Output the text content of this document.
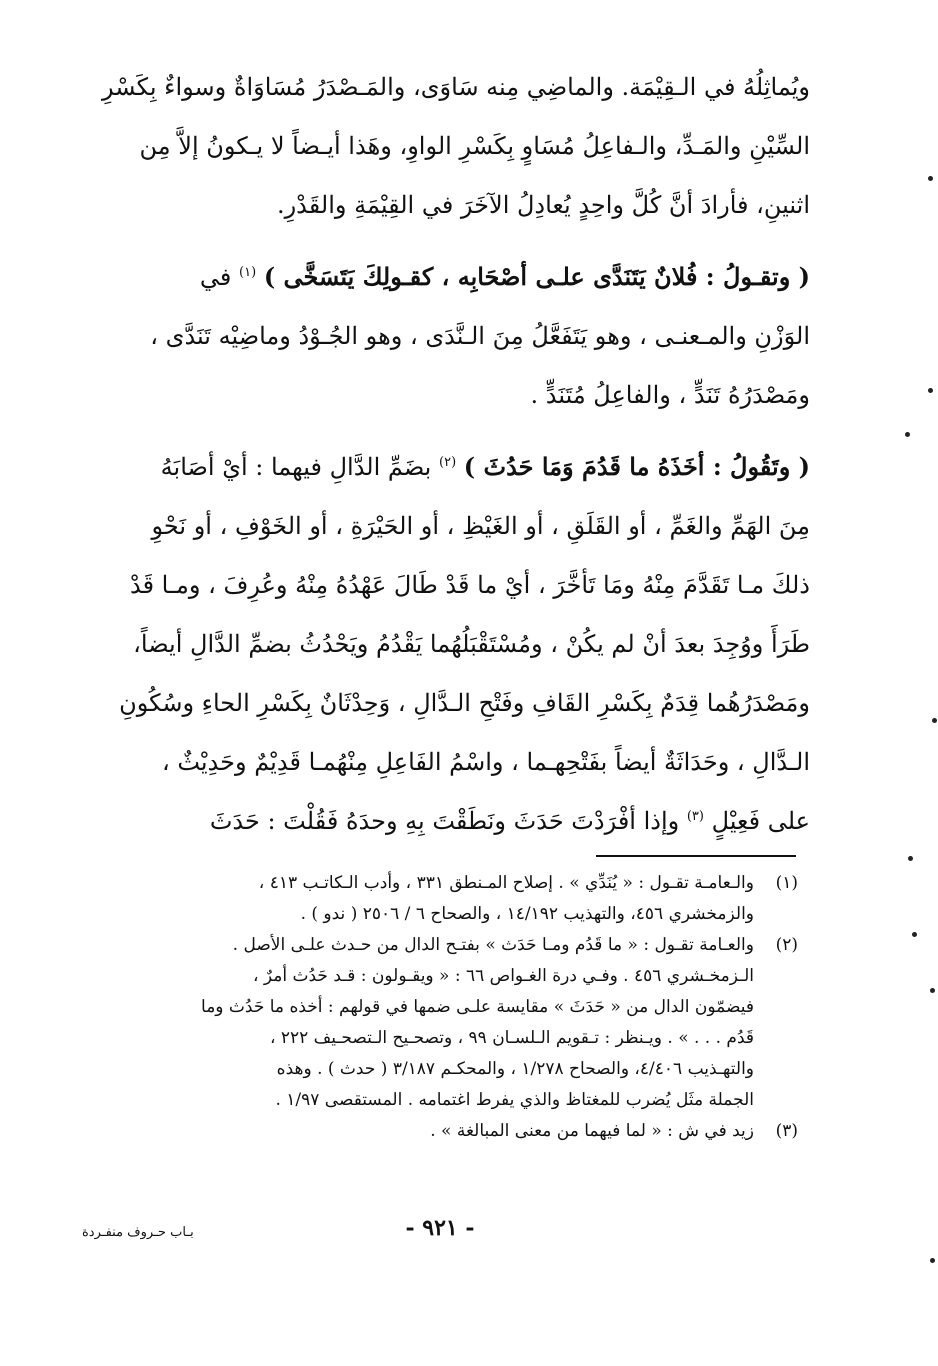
ويُماثِلُهُ في الـقِيْمَة. والماضِي مِنه سَاوَى، والمَـصْدَرُ مُسَاوَاةٌ وسواءٌ بِكَسْرِ

السِّيْنِ والمَـدِّ، والـفاعِلُ مُسَاوٍ بِكَسْرِ الواوِ، وهَذا أيـضاً لا يـكونُ إلاَّ مِن

اثنينِ، فأرادَ أنَّ كُلَّ واحِدٍ يُعادِلُ الآخَرَ في القِيْمَةِ والقَدْرِ.

( وتقـولُ : فُلانٌ يَتَنَدَّى علـى أصْحَابِه ، كقـولِكَ يَتَسَخَّى ) $^{(١)}$ في

الوَزْنِ والمـعنـى ، وهو يَتَفَعَّلُ مِنَ الـنَّدَى ، وهو الجُـوْدُ وماضِيْه تَنَدَّى ،

ومَصْدَرُهُ تَنَدٍّ ، والفاعِلُ مُتَنَدٍّ .

( وتَقُولُ : أخَذَهُ ما قَدُمَ وَمَا حَدُثَ ) $^{(٢)}$ بضَمِّ الدَّالِ فيهما : أيْ أصَابَهُ

مِنَ الهَمِّ والغَمِّ ، أو القَلَقِ ، أو الغَيْظِ ، أو الحَيْرَةِ ، أو الخَوْفِ ، أو نَحْوِ

ذلكَ مـا تَقَدَّمَ مِنْهُ ومَا تَأخَّرَ ، أيْ ما قَدْ طَالَ عَهْدُهُ مِنْهُ وعُرِفَ ، ومـا قَدْ

طَرَأَ ووُجِدَ بعدَ أنْ لم يكُنْ ، ومُسْتَقْبَلُهُما يَقْدُمُ ويَحْدُثُ بضمِّ الدَّالِ أيضاً،

ومَصْدَرُهُما قِدَمٌ بِكَسْرِ القَافِ وفَتْحِ الـدَّالِ ، وَحِدْثَانٌ بِكَسْرِ الحاءِ وسُكُونِ

الـدَّالِ ، وحَدَاثَةٌ أيضاً بفَتْحِهـما ، واسْمُ الفَاعِلِ مِنْهُمـا قَدِيْمٌ وحَدِيْثٌ ،

على فَعِيْلٍ $^{(٣)}$ وإذا أفْرَدْتَ حَدَثَ ونَطَقْتَ بِهِ وحدَهُ فَقُلْتَ : حَدَثَ

(١)

والـعامـة تقـول : « يُنَدِّي » . إصلاح المـنطق ٣٣١ ، وأدب الـكاتـب ٤١٣ ،

والزمخشري ٤٥٦، والتهذيب ١٤/١٩٢ ، والصحاح ٦ / ٢٥٠٦ ( ندو ) .

(٢)

والعـامة تقـول : « ما قَدُم ومـا حَدَث » بفتـح الدال من حـدث علـى الأصل .

الـزمخـشري ٤٥٦ . وفـي درة الغـواص ٦٦ : « ويقـولون : قـد حَدُث أمرٌ ،

فيضمّون الدال من « حَدَثَ » مقايسة علـى ضمها في قولهم : أخذه ما حَدُث وما

قَدُم . . . » . ويـنظر : تـقويم الـلسـان ٩٩ ، وتصحـيح الـتصحـيف ٢٢٢ ،

والتهـذيب ٤/٤٠٦، والصحاح ١/٢٧٨ ، والمحكـم ٣/١٨٧ ( حدث ) . وهذه

الجملة مثَل يُضرب للمغتاظ والذي يفرط اغتمامه . المستقصى ١/٩٧ .

(٣)

زيد في ش : « لما فيهما من معنى المبالغة » .

- ٩٢١ -
بـاب حـروف منفـردة
